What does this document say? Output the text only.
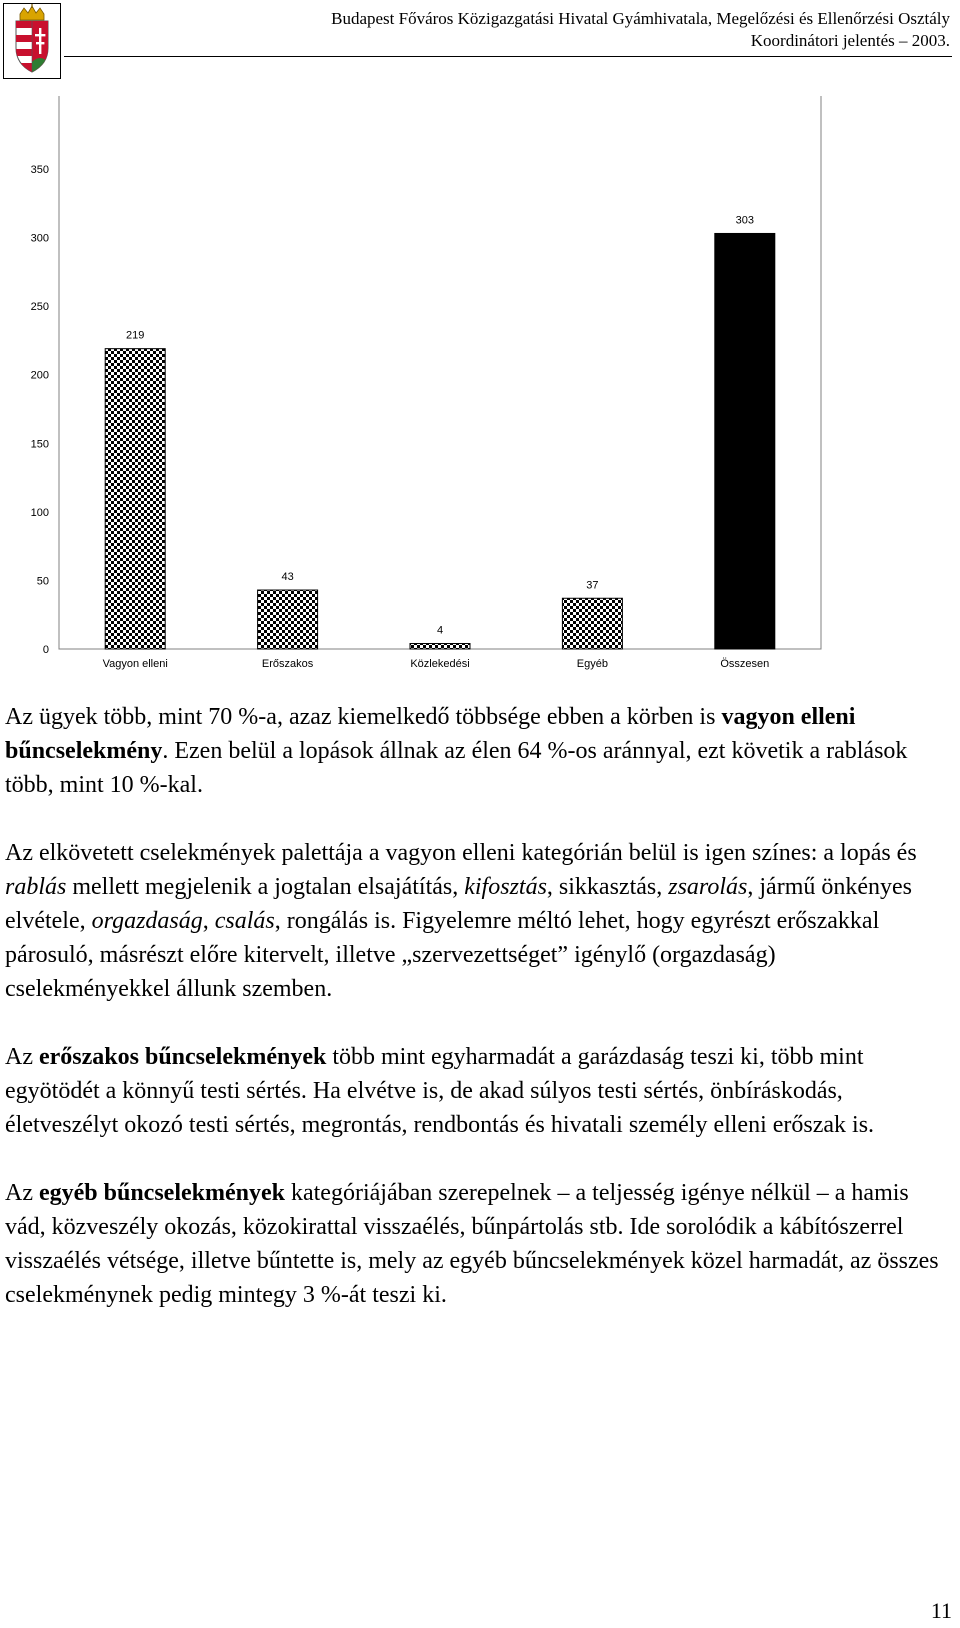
Budapest Főváros Közigazgatási Hivatal Gyámhivatala, Megelőzési és Ellenőrzési Osztály
Koordinátori jelentés – 2003.
0
50
100
150
200
250
300
350
219
43
4
37
303
Vagyon elleni	Erőszakos	Közlekedési	Egyéb	Összesen

Az ügyek több, mint 70 %-a, azaz kiemelkedő többsége ebben a körben is vagyon elleni bűncselekmény. Ezen belül a lopások állnak az élen 64 %-os aránnyal, ezt követik a rablások több, mint 10 %-kal.

Az elkövetett cselekmények palettája a vagyon elleni kategórián belül is igen színes: a lopás és rablás mellett megjelenik a jogtalan elsajátítás, kifosztás, sikkasztás, zsarolás, jármű önkényes elvétele, orgazdaság, csalás, rongálás is. Figyelemre méltó lehet, hogy egyrészt erőszakkal párosuló, másrészt előre kitervelt, illetve „szervezettséget” igénylő (orgazdaság) cselekményekkel állunk szemben.

Az erőszakos bűncselekmények több mint egyharmadát a garázdaság teszi ki, több mint egyötödét a könnyű testi sértés. Ha elvétve is, de akad súlyos testi sértés, önbíráskodás, életveszélyt okozó testi sértés, megrontás, rendbontás és hivatali személy elleni erőszak is.

Az egyéb bűncselekmények kategóriájában szerepelnek – a teljesség igénye nélkül – a hamis vád, közveszély okozás, közokirattal visszaélés, bűnpártolás stb. Ide sorolódik a kábítószerrel visszaélés vétsége, illetve bűntette is, mely az egyéb bűncselekmények közel harmadát, az összes cselekménynek pedig mintegy 3 %-át teszi ki.

11
